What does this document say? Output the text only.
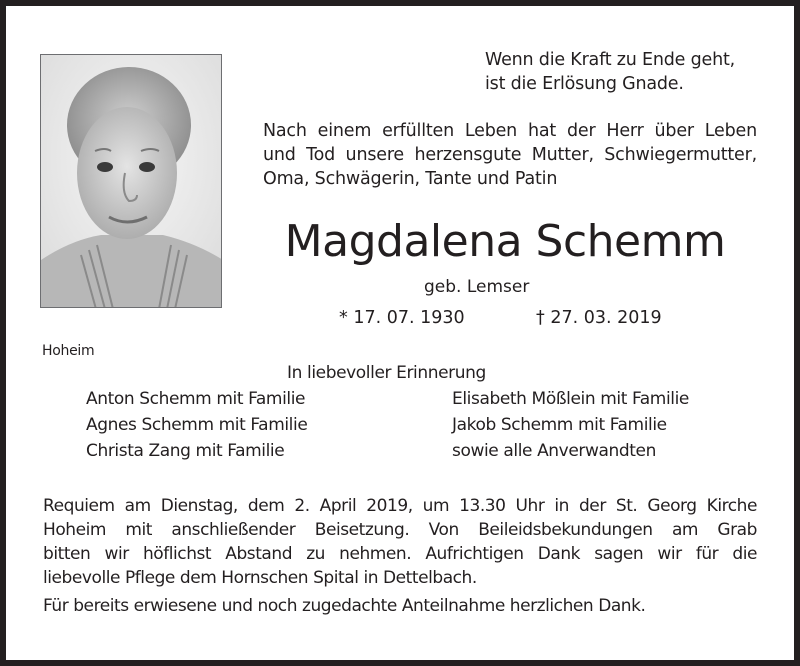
Wenn die Kraft zu Ende geht,
ist die Erlösung Gnade.
Nach einem erfüllten Leben hat der Herr über Leben
und Tod unsere herzensgute Mutter, Schwiegermutter,
Oma, Schwägerin, Tante und Patin
Magdalena Schemm
geb. Lemser
* 17. 07. 1930	† 27. 03. 2019
Hoheim
In liebevoller Erinnerung
Anton Schemm mit Familie
Agnes Schemm mit Familie
Christa Zang mit Familie
Elisabeth Mößlein mit Familie
Jakob Schemm mit Familie
sowie alle Anverwandten
Requiem am Dienstag, dem 2. April 2019, um 13.30 Uhr in der St. Georg Kirche
Hoheim mit anschließender Beisetzung. Von Beileidsbekundungen am Grab
bitten wir höflichst Abstand zu nehmen. Aufrichtigen Dank sagen wir für die
liebevolle Pflege dem Hornschen Spital in Dettelbach.
Für bereits erwiesene und noch zugedachte Anteilnahme herzlichen Dank.
